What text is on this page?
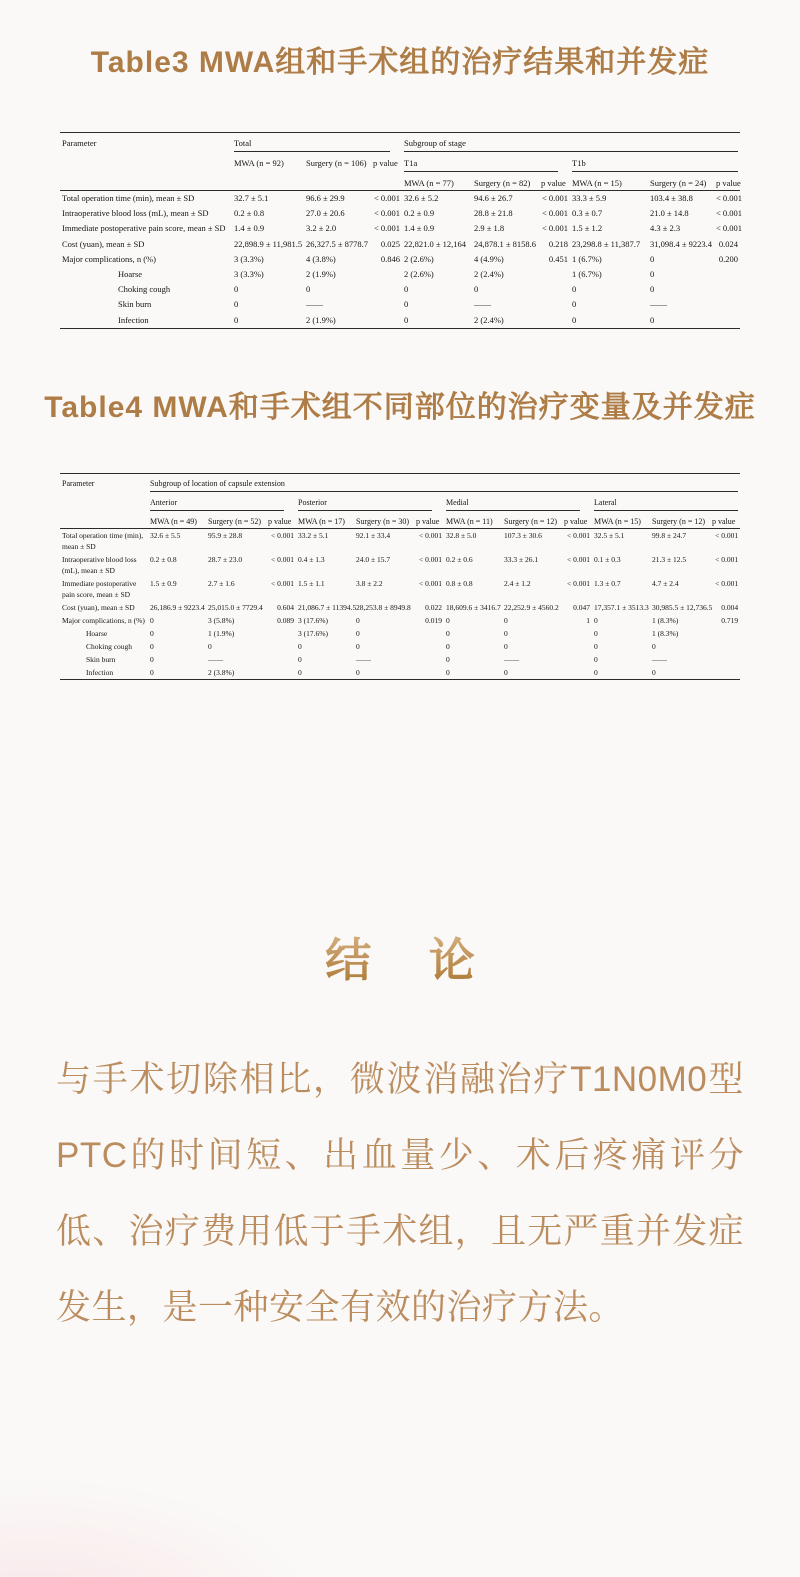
Table3 MWA组和手术组的治疗结果和并发症
Parameter	Total			Subgroup of stage					

	MWA (n = 92)	Surgery (n = 106)	p value	T1a			T1b		

				MWA (n = 77)	Surgery (n = 82)	p value	MWA (n = 15)	Surgery (n = 24)	p value
Total operation time (min), mean ± SD	32.7 ± 5.1	96.6 ± 29.9	< 0.001	32.6 ± 5.2	94.6 ± 26.7	< 0.001	33.3 ± 5.9	103.4 ± 38.8	< 0.001
Intraoperative blood loss (mL), mean ± SD	0.2 ± 0.8	27.0 ± 20.6	< 0.001	0.2 ± 0.9	28.8 ± 21.8	< 0.001	0.3 ± 0.7	21.0 ± 14.8	< 0.001
Immediate postoperative pain score, mean ± SD	1.4 ± 0.9	3.2 ± 2.0	< 0.001	1.4 ± 0.9	2.9 ± 1.8	< 0.001	1.5 ± 1.2	4.3 ± 2.3	< 0.001
Cost (yuan), mean ± SD	22,898.9 ± 11,981.5	26,327.5 ± 8778.7	0.025	22,821.0 ± 12,164	24,878.1 ± 8158.6	0.218	23,298.8 ± 11,387.7	31,098.4 ± 9223.4	0.024
Major complications, n (%)	3 (3.3%)	4 (3.8%)	0.846	2 (2.6%)	4 (4.9%)	0.451	1 (6.7%)	0	0.200
Hoarse	3 (3.3%)	2 (1.9%)		2 (2.6%)	2 (2.4%)		1 (6.7%)	0	
Choking cough	0	0		0	0		0	0	
Skin burn	0	——		0	——		0	——	
Infection	0	2 (1.9%)		0	2 (2.4%)		0	0	
Table4 MWA和手术组不同部位的治疗变量及并发症
Parameter	Subgroup of location of capsule extension											

	Anterior			Posterior			Medial			Lateral		

	MWA (n = 49)	Surgery (n = 52)	p value	MWA (n = 17)	Surgery (n = 30)	p value	MWA (n = 11)	Surgery (n = 12)	p value	MWA (n = 15)	Surgery (n = 12)	p value
Total operation time (min), mean ± SD	32.6 ± 5.5	95.9 ± 28.8	< 0.001	33.2 ± 5.1	92.1 ± 33.4	< 0.001	32.8 ± 5.0	107.3 ± 30.6	< 0.001	32.5 ± 5.1	99.8 ± 24.7	< 0.001
Intraoperative blood loss (mL), mean ± SD	0.2 ± 0.8	28.7 ± 23.0	< 0.001	0.4 ± 1.3	24.0 ± 15.7	< 0.001	0.2 ± 0.6	33.3 ± 26.1	< 0.001	0.1 ± 0.3	21.3 ± 12.5	< 0.001
Immediate postoperative pain score, mean ± SD	1.5 ± 0.9	2.7 ± 1.6	< 0.001	1.5 ± 1.1	3.8 ± 2.2	< 0.001	0.8 ± 0.8	2.4 ± 1.2	< 0.001	1.3 ± 0.7	4.7 ± 2.4	< 0.001
Cost (yuan), mean ± SD	26,186.9 ± 9223.4	25,015.0 ± 7729.4	0.604	21,086.7 ± 11394.5	28,253.8 ± 8949.8	0.022	18,609.6 ± 3416.7	22,252.9 ± 4560.2	0.047	17,357.1 ± 3513.3	30,985.5 ± 12,736.5	0.004
Major complications, n (%)	0	3 (5.8%)	0.089	3 (17.6%)	0	0.019	0	0	1	0	1 (8.3%)	0.719
Hoarse	0	1 (1.9%)		3 (17.6%)	0		0	0		0	1 (8.3%)	
Choking cough	0	0		0	0		0	0		0	0	
Skin burn	0	——		0	——		0	——		0	——	
Infection	0	2 (3.8%)		0	0		0	0		0	0	
结 论

与手术切除相比，微波消融治疗T1N0M0型PTC的时间短、出血量少、术后疼痛评分低、治疗费用低于手术组，且无严重并发症发生，是一种安全有效的治疗方法。
